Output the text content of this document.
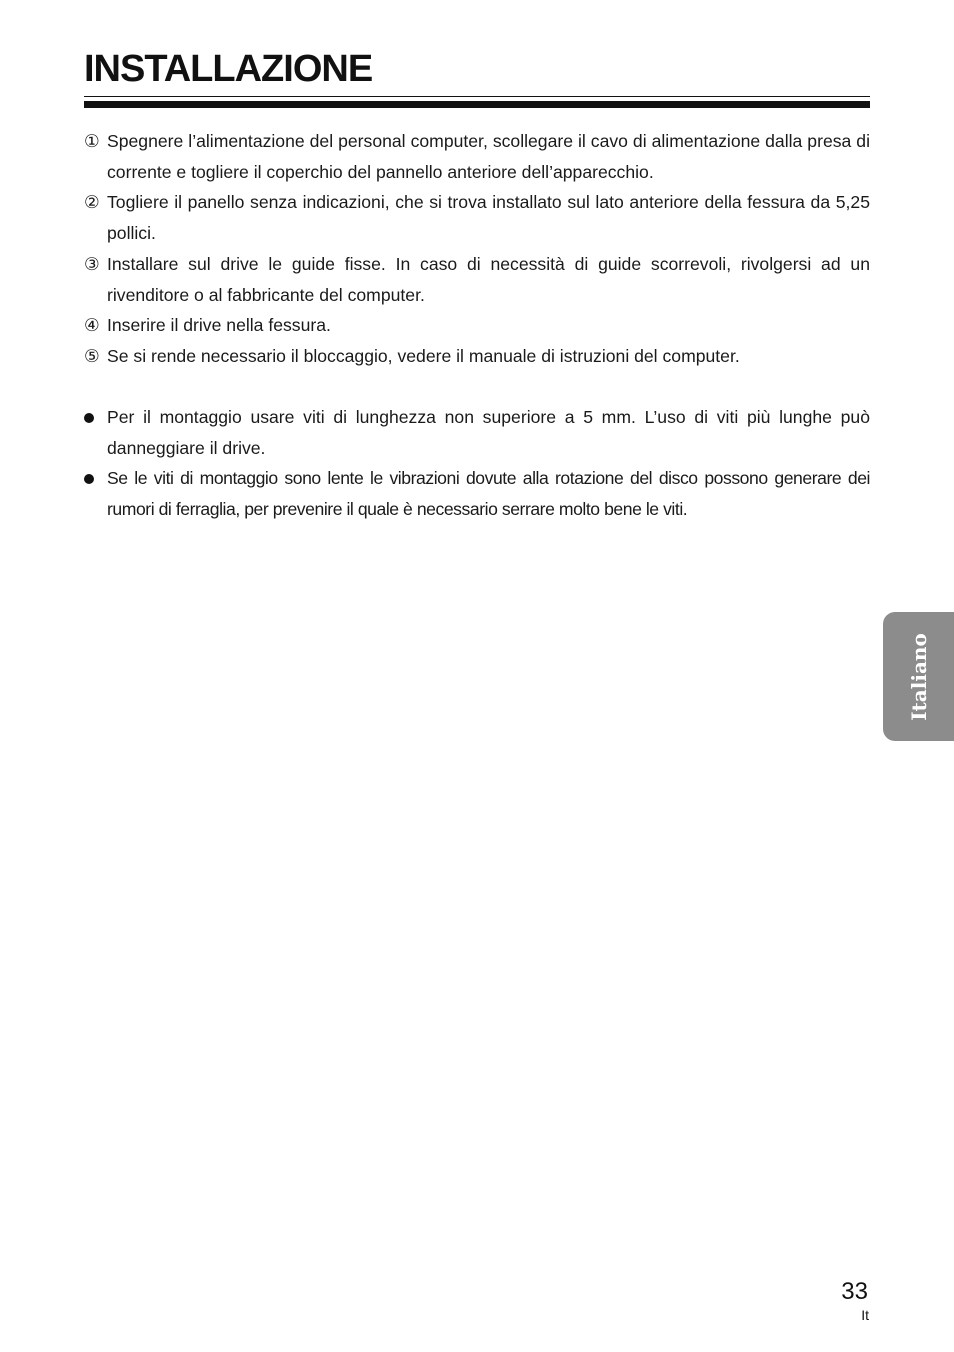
INSTALLAZIONE
① Spegnere l’alimentazione del personal computer, scollegare il cavo di alimentazione dalla presa di corrente e togliere il coperchio del pannello anteriore dell’apparecchio.
② Togliere il panello senza indicazioni, che si trova installato sul lato anteriore della fessura da 5,25 pollici.
③ Installare sul drive le guide fisse. In caso di necessità di guide scorrevoli, rivolgersi ad un rivenditore o al fabbricante del computer.
④ Inserire il drive nella fessura.
⑤ Se si rende necessario il bloccaggio, vedere il manuale di istruzioni del computer.
Per il montaggio usare viti di lunghezza non superiore a 5 mm. L’uso di viti più lunghe può danneggiare il drive.
Se le viti di montaggio sono lente le vibrazioni dovute alla rotazione del disco possono generare dei rumori di ferraglia, per prevenire il quale è necessario serrare molto bene le viti.
Italiano
33
It
